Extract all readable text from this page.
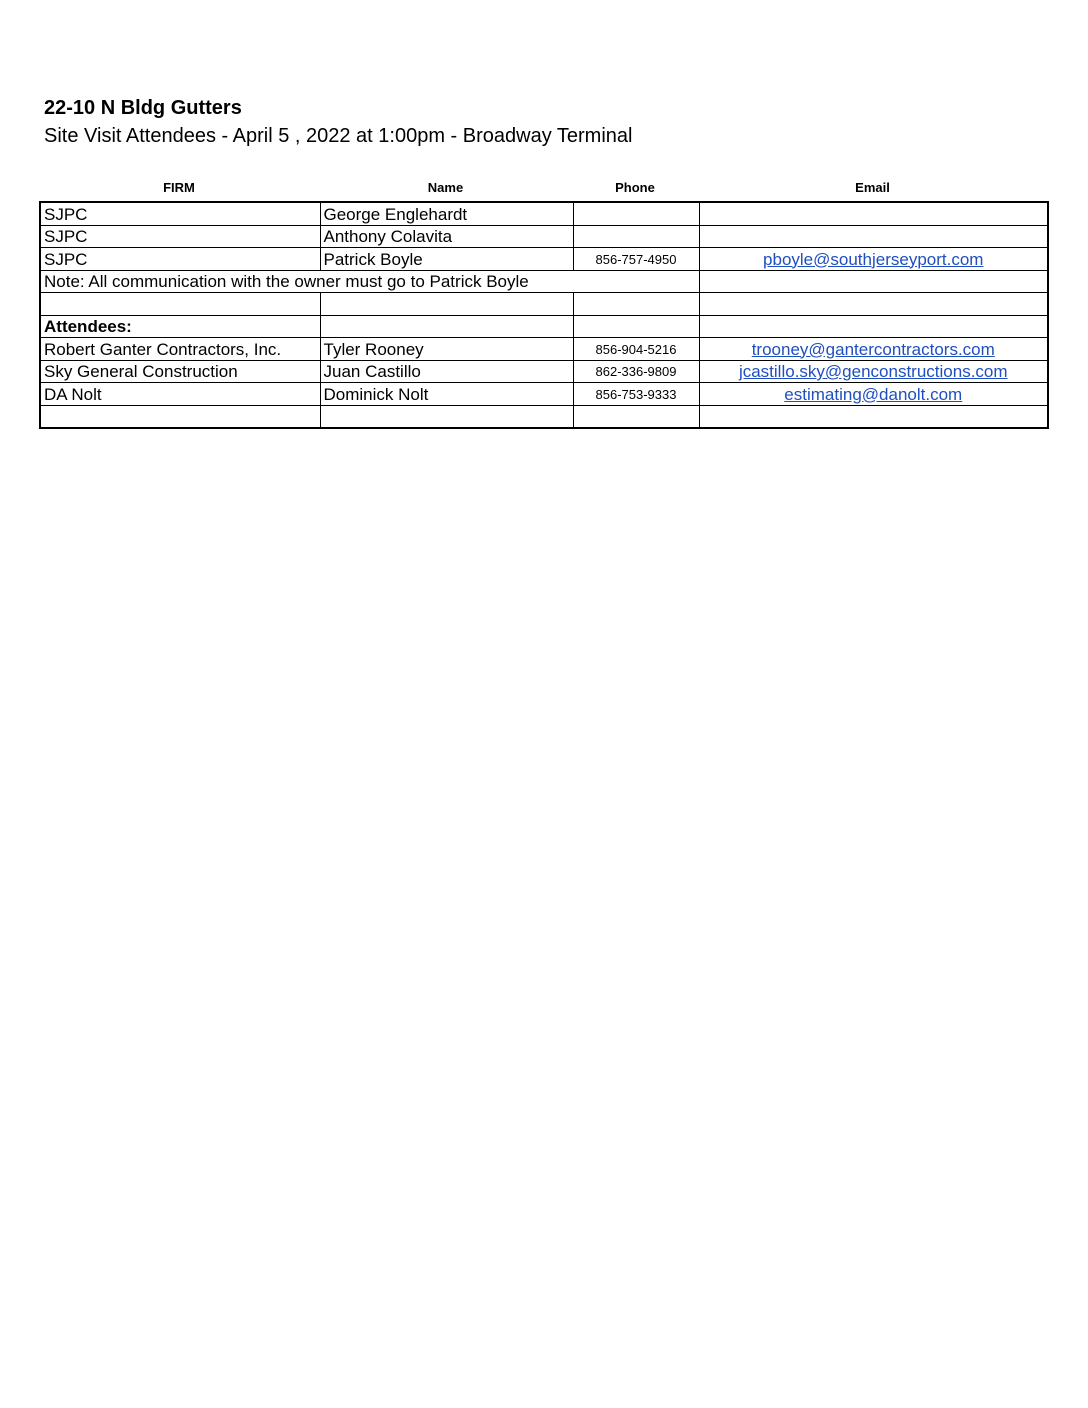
22-10 N Bldg Gutters
Site Visit Attendees - April 5 , 2022 at 1:00pm - Broadway Terminal
FIRM	Name	Phone	Email
SJPC	George Englehardt		
SJPC	Anthony Colavita		
SJPC	Patrick Boyle	856-757-4950	pboyle@southjerseyport.com
Note: All communication with the owner must go to Patrick Boyle			

Attendees:			
Robert Ganter Contractors, Inc.	Tyler Rooney	856-904-5216	trooney@gantercontractors.com
Sky General Construction	Juan Castillo	862-336-9809	jcastillo.sky@genconstructions.com
DA Nolt	Dominick Nolt	856-753-9333	estimating@danolt.com
